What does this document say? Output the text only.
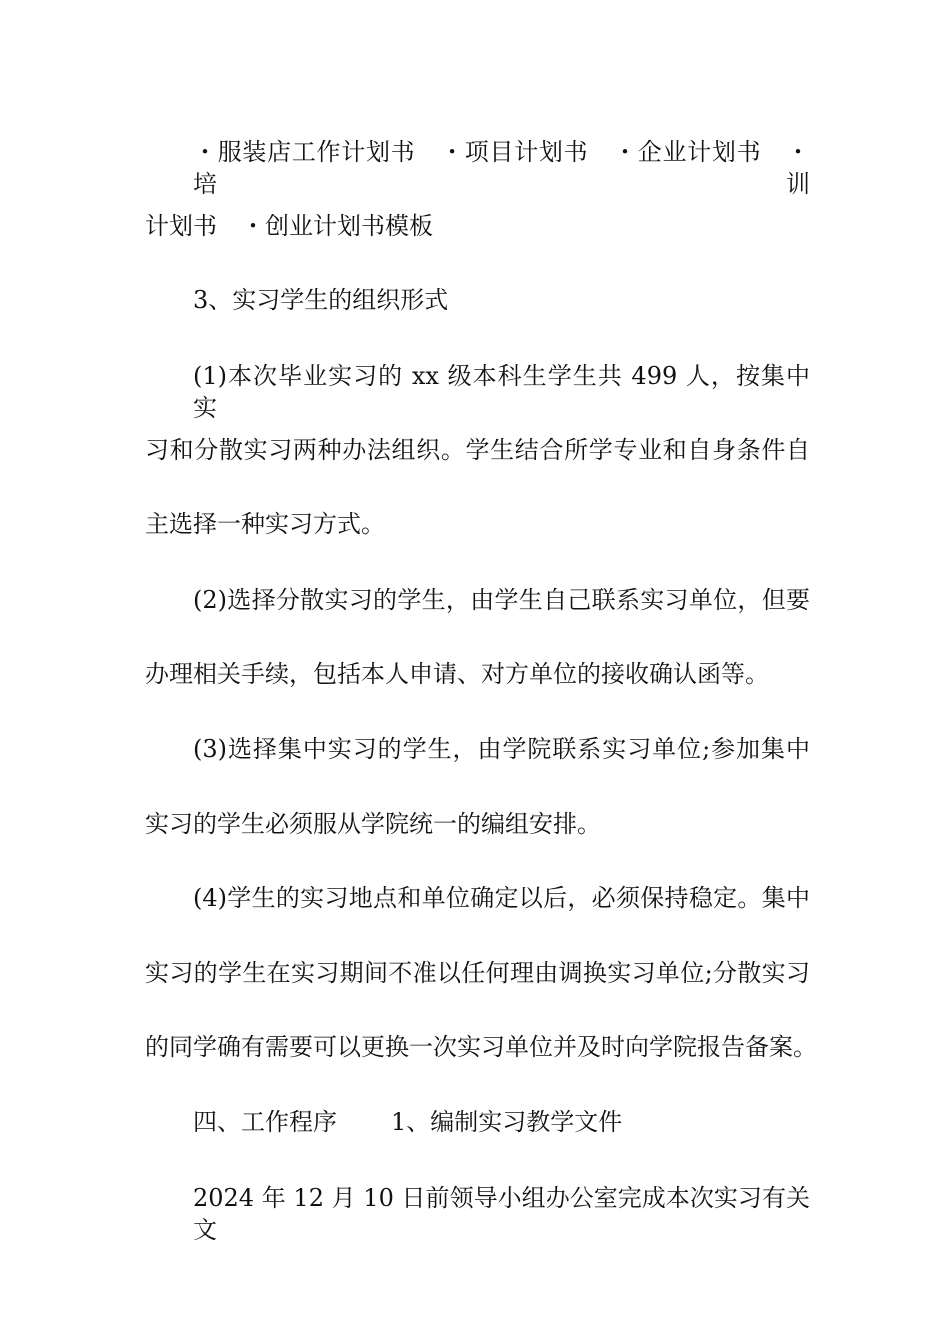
・服装店工作计划书　・项目计划书　・企业计划书　・培训
计划书　・创业计划书模板
3、实习学生的组织形式
(1)本次毕业实习的 xx 级本科生学生共 499 人，按集中实
习和分散实习两种办法组织。学生结合所学专业和自身条件自
主选择一种实习方式。
(2)选择分散实习的学生，由学生自己联系实习单位，但要
办理相关手续，包括本人申请、对方单位的接收确认函等。
(3)选择集中实习的学生，由学院联系实习单位;参加集中
实习的学生必须服从学院统一的编组安排。
(4)学生的实习地点和单位确定以后，必须保持稳定。集中
实习的学生在实习期间不准以任何理由调换实习单位;分散实习
的同学确有需要可以更换一次实习单位并及时向学院报告备案。
四、工作程序 1、编制实习教学文件
2024 年 12 月 10 日前领导小组办公室完成本次实习有关文
